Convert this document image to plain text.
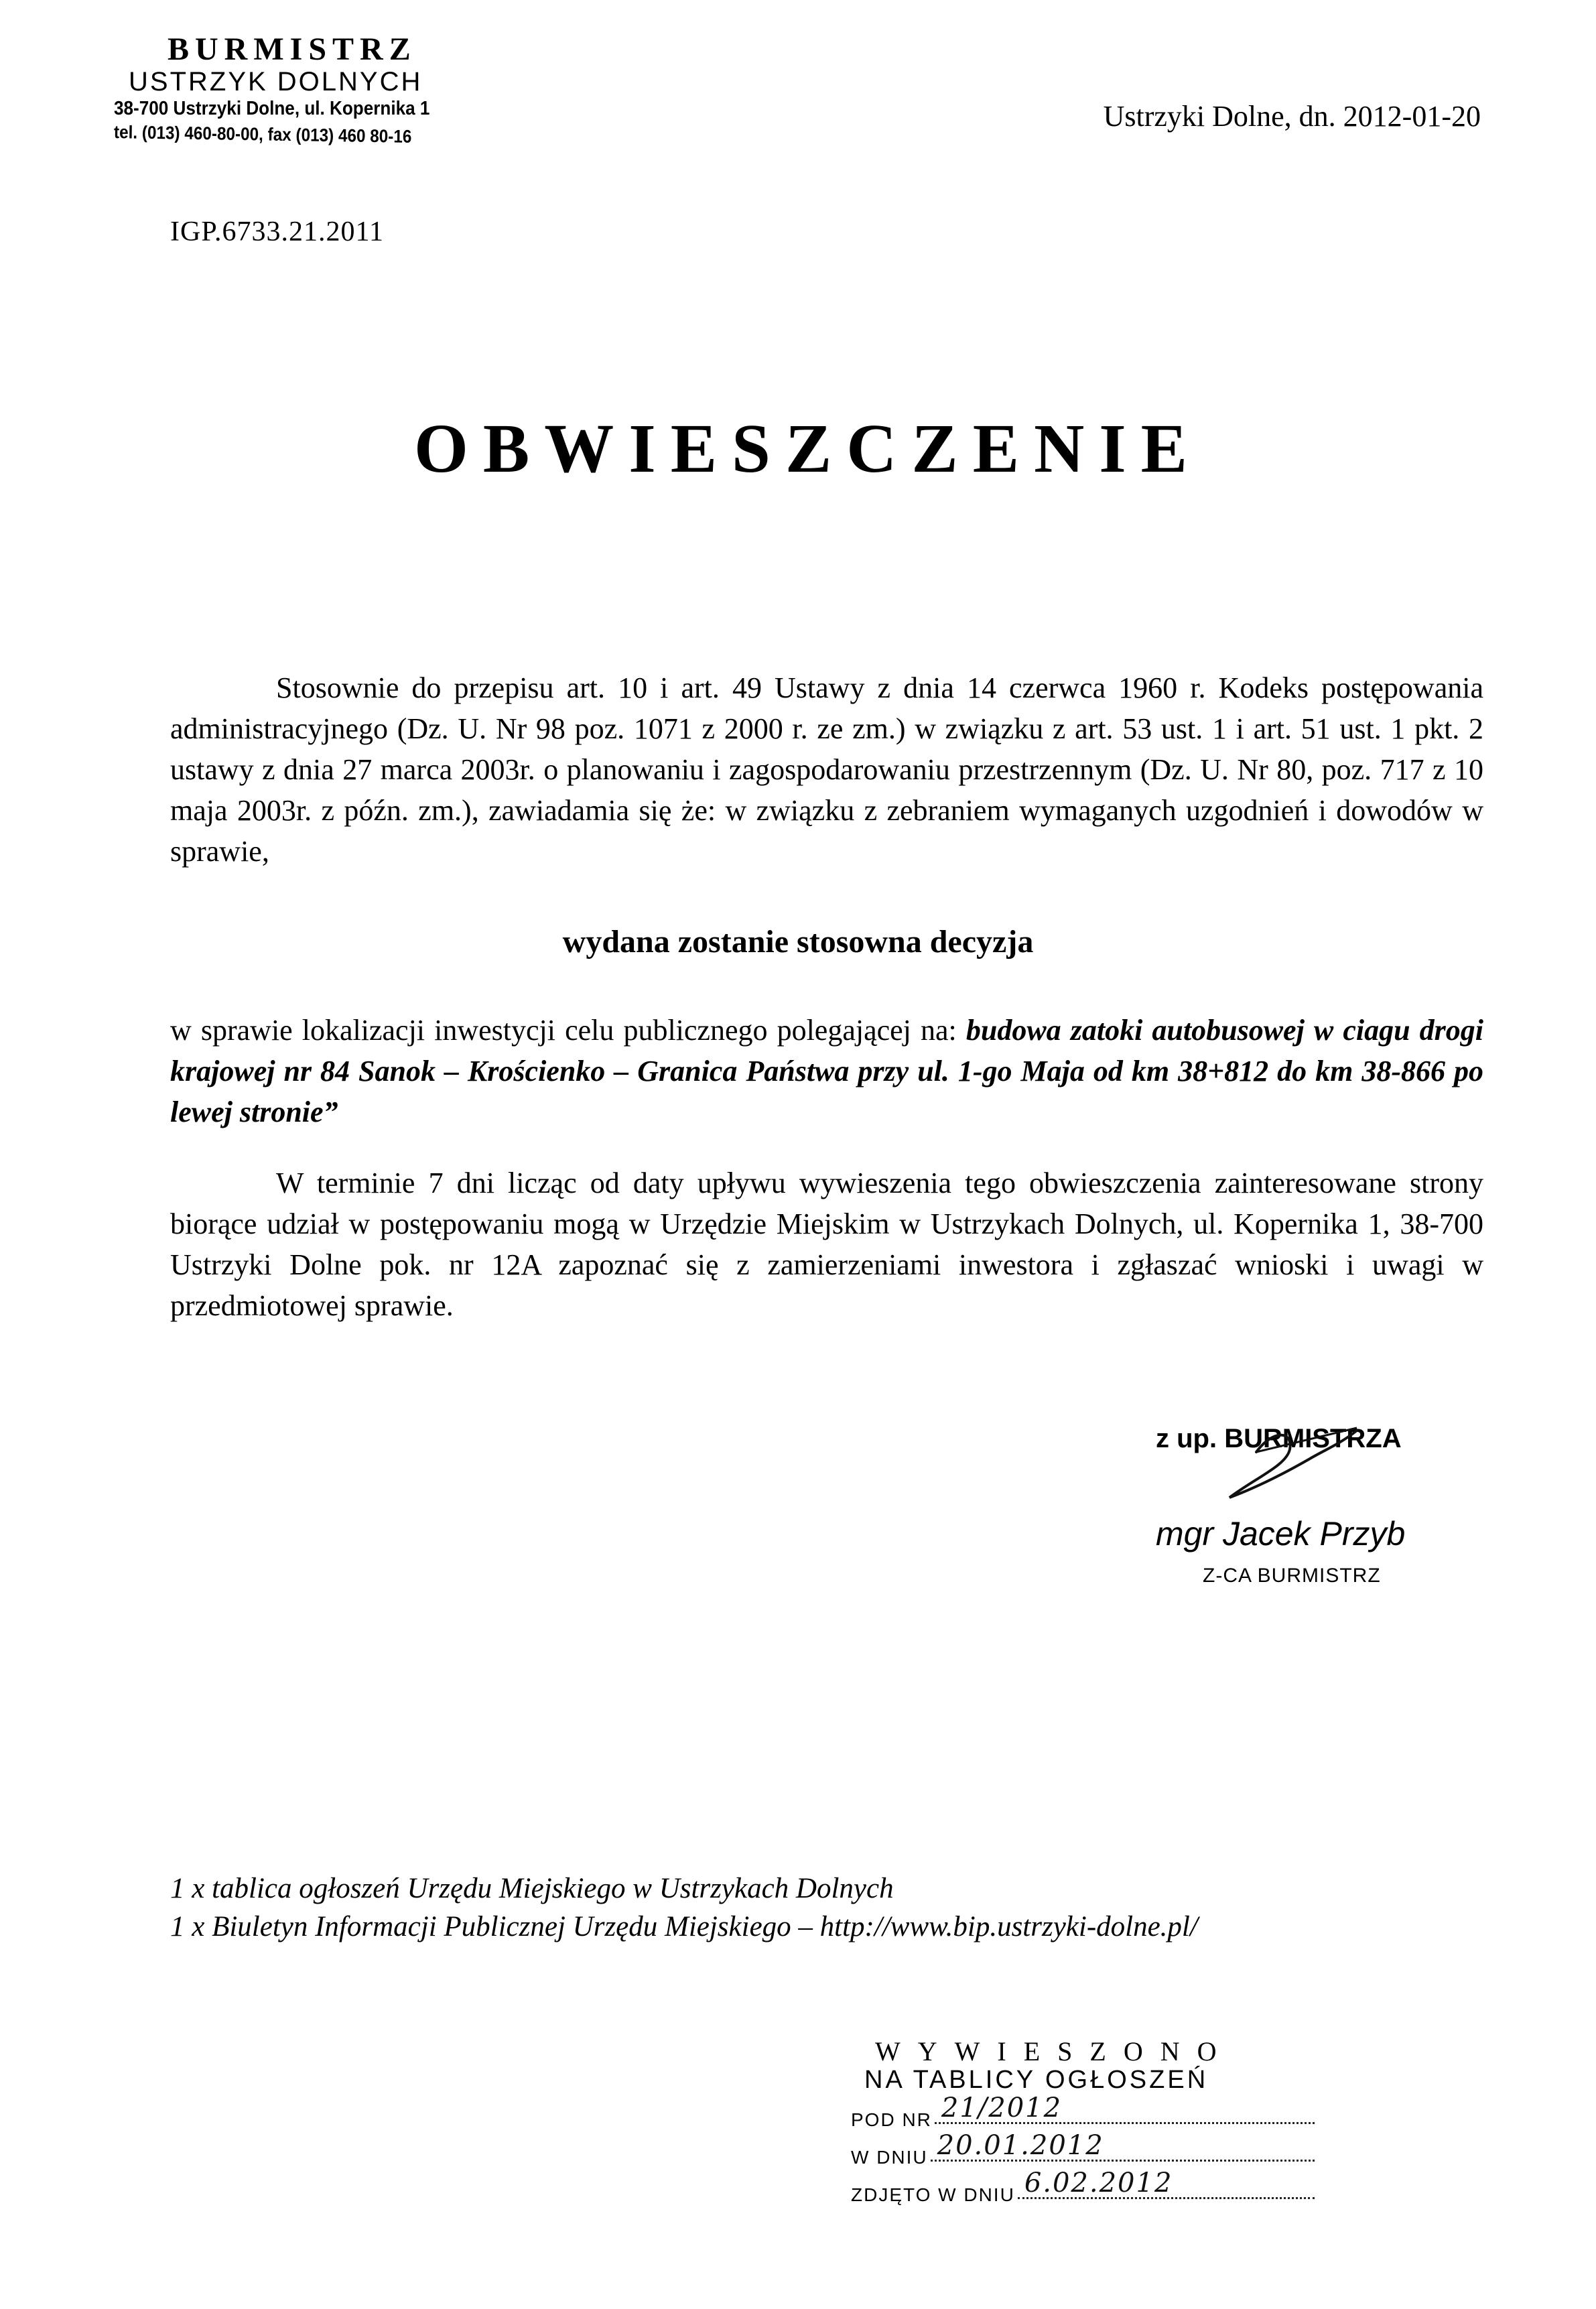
BURMISTRZ
USTRZYK DOLNYCH
38-700 Ustrzyki Dolne, ul. Kopernika 1
tel. (013) 460-80-00, fax (013) 460 80-16
Ustrzyki Dolne, dn. 2012-01-20
IGP.6733.21.2011
OBWIESZCZENIE
Stosownie do przepisu art. 10 i art. 49 Ustawy z dnia 14 czerwca 1960 r. Kodeks postępowania administracyjnego (Dz. U. Nr 98 poz. 1071 z 2000 r. ze zm.) w związku z art. 53 ust. 1 i art. 51 ust. 1 pkt. 2 ustawy z dnia 27 marca 2003r. o planowaniu i zagospodarowaniu przestrzennym (Dz. U. Nr 80, poz. 717 z 10 maja 2003r. z późn. zm.), zawiadamia się że: w związku z zebraniem wymaganych uzgodnień i dowodów w sprawie,
wydana zostanie stosowna decyzja
w sprawie lokalizacji inwestycji celu publicznego polegającej na: budowa zatoki autobusowej w ciagu drogi krajowej nr 84 Sanok – Krościenko – Granica Państwa przy ul. 1-go Maja od km 38+812 do km 38-866 po lewej stronie”
W terminie 7 dni licząc od daty upływu wywieszenia tego obwieszczenia zainteresowane strony biorące udział w postępowaniu mogą w Urzędzie Miejskim w Ustrzykach Dolnych, ul. Kopernika 1, 38-700 Ustrzyki Dolne pok. nr 12A zapoznać się z zamierzeniami inwestora i zgłaszać wnioski i uwagi w przedmiotowej sprawie.
z up. BURMISTRZA
mgr Jacek Przyb
Z-CA BURMISTRZ
1 x tablica ogłoszeń Urzędu Miejskiego w Ustrzykach Dolnych
1 x Biuletyn Informacji Publicznej Urzędu Miejskiego – http://www.bip.ustrzyki-dolne.pl/
WYWIESZONO
NA TABLICY OGŁOSZEŃ
POD NR 21/2012
W DNIU 20.01.2012
ZDJĘTO W DNIU 6.02.2012
